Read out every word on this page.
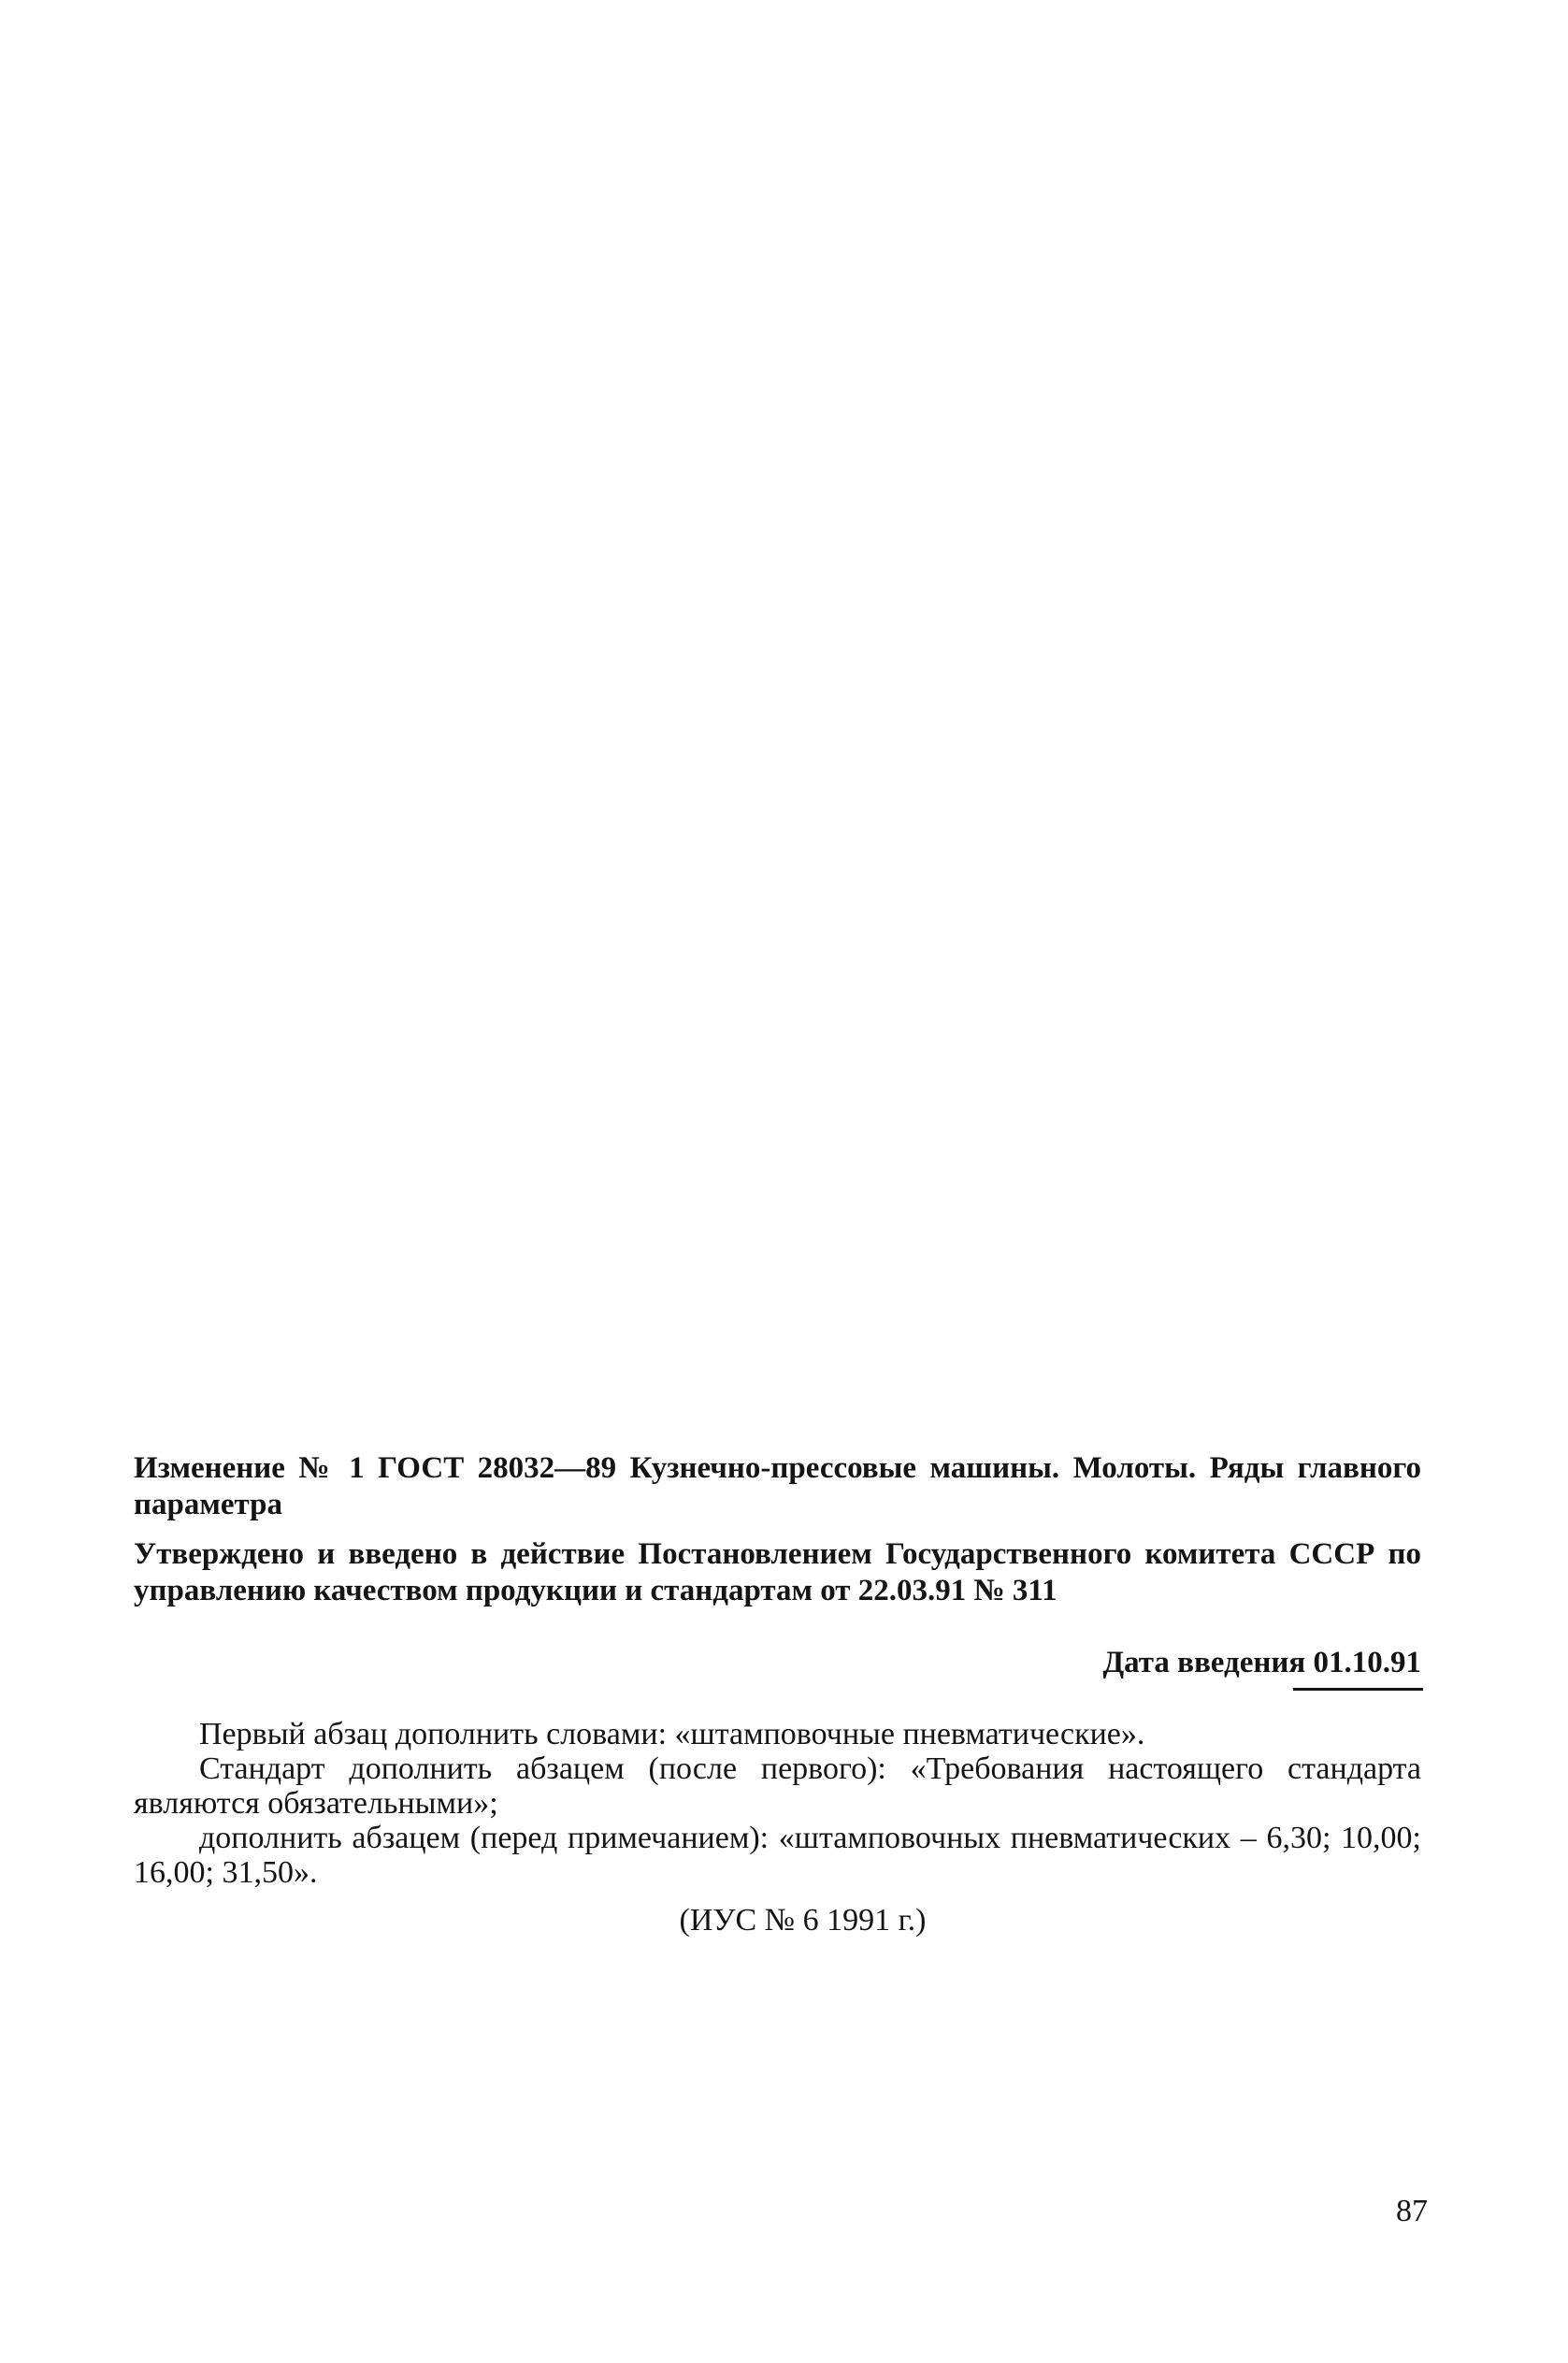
Изменение № 1 ГОСТ 28032—89 Кузнечно-прессовые машины. Молоты. Ряды главного параметра

Утверждено и введено в действие Постановлением Государственного комитета СССР по управлению качеством продукции и стандартам от 22.03.91 № 311

Дата введения 01.10.91

Первый абзац дополнить словами: «штамповочные пневматические».

Стандарт дополнить абзацем (после первого): «Требования настоящего стандарта являются обязательными»;

дополнить абзацем (перед примечанием): «штамповочных пневматических – 6,30; 10,00; 16,00; 31,50».

(ИУС № 6 1991 г.)
87
